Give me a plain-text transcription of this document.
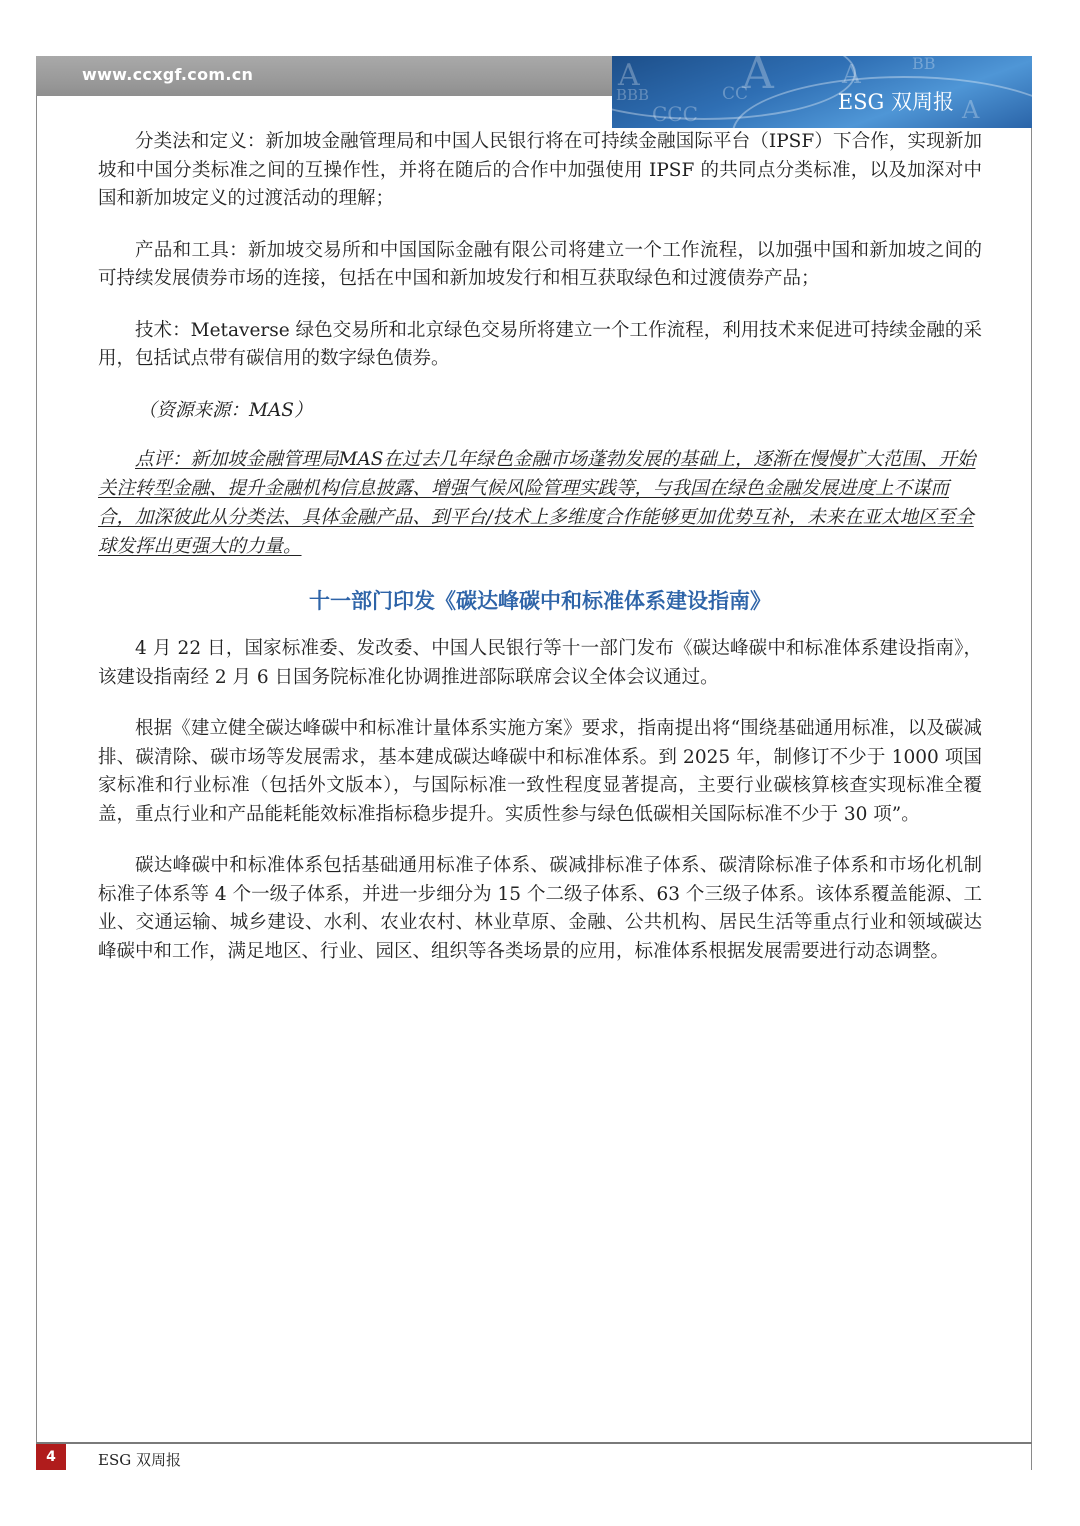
www.ccxgf.com.cn	A A
BBB	CC
CCC
A	BB
A
ESG 双周报

分类法和定义：新加坡金融管理局和中国人民银行将在可持续金融国际平台（IPSF）下合作，实现新加坡和中国分类标准之间的互操作性，并将在随后的合作中加强使用 IPSF 的共同点分类标准，以及加深对中国和新加坡定义的过渡活动的理解；

产品和工具：新加坡交易所和中国国际金融有限公司将建立一个工作流程，以加强中国和新加坡之间的可持续发展债券市场的连接，包括在中国和新加坡发行和相互获取绿色和过渡债券产品；

技术：Metaverse 绿色交易所和北京绿色交易所将建立一个工作流程，利用技术来促进可持续金融的采用，包括试点带有碳信用的数字绿色债券。

（资源来源：MAS）

点评：新加坡金融管理局MAS在过去几年绿色金融市场蓬勃发展的基础上，逐渐在慢慢扩大范围、开始关注转型金融、提升金融机构信息披露、增强气候风险管理实践等，与我国在绿色金融发展进度上不谋而合，加深彼此从分类法、具体金融产品、到平台/技术上多维度合作能够更加优势互补，未来在亚太地区至全球发挥出更强大的力量。

十一部门印发《碳达峰碳中和标准体系建设指南》

4 月 22 日，国家标准委、发改委、中国人民银行等十一部门发布《碳达峰碳中和标准体系建设指南》，该建设指南经 2 月 6 日国务院标准化协调推进部际联席会议全体会议通过。

根据《建立健全碳达峰碳中和标准计量体系实施方案》要求，指南提出将“围绕基础通用标准，以及碳减排、碳清除、碳市场等发展需求，基本建成碳达峰碳中和标准体系。到 2025 年，制修订不少于 1000 项国家标准和行业标准（包括外文版本），与国际标准一致性程度显著提高，主要行业碳核算核查实现标准全覆盖，重点行业和产品能耗能效标准指标稳步提升。实质性参与绿色低碳相关国际标准不少于 30 项”。

碳达峰碳中和标准体系包括基础通用标准子体系、碳减排标准子体系、碳清除标准子体系和市场化机制标准子体系等 4 个一级子体系，并进一步细分为 15 个二级子体系、63 个三级子体系。该体系覆盖能源、工业、交通运输、城乡建设、水利、农业农村、林业草原、金融、公共机构、居民生活等重点行业和领域碳达峰碳中和工作，满足地区、行业、园区、组织等各类场景的应用，标准体系根据发展需要进行动态调整。

4	ESG 双周报
